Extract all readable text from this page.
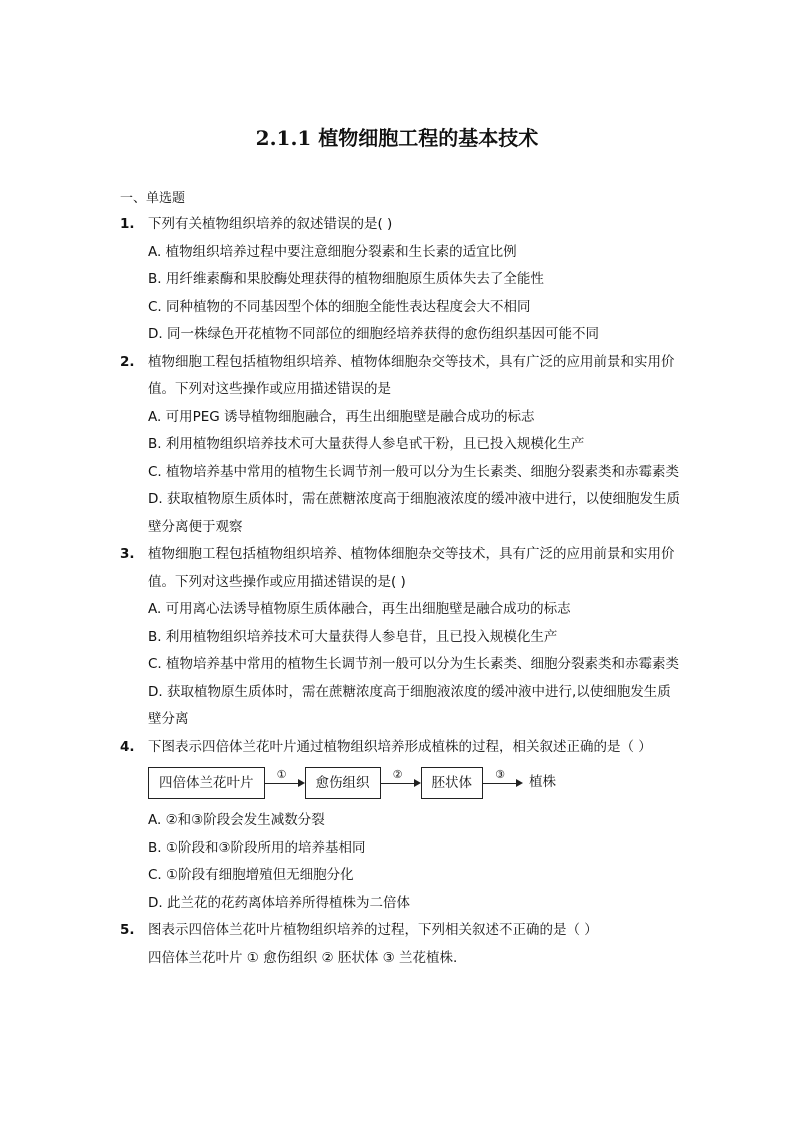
2.1.1 植物细胞工程的基本技术
一、单选题
1. 下列有关植物组织培养的叙述错误的是( )
A. 植物组织培养过程中要注意细胞分裂素和生长素的适宜比例
B. 用纤维素酶和果胶酶处理获得的植物细胞原生质体失去了全能性
C. 同种植物的不同基因型个体的细胞全能性表达程度会大不相同
D. 同一株绿色开花植物不同部位的细胞经培养获得的愈伤组织基因可能不同
2. 植物细胞工程包括植物组织培养、植物体细胞杂交等技术，具有广泛的应用前景和实用价值。下列对这些操作或应用描述错误的是
A. 可用PEG 诱导植物细胞融合，再生出细胞壁是融合成功的标志
B. 利用植物组织培养技术可大量获得人参皂甙干粉，且已投入规模化生产
C. 植物培养基中常用的植物生长调节剂一般可以分为生长素类、细胞分裂素类和赤霉素类
D. 获取植物原生质体时，需在蔗糖浓度高于细胞液浓度的缓冲液中进行，以使细胞发生质壁分离便于观察
3. 植物细胞工程包括植物组织培养、植物体细胞杂交等技术，具有广泛的应用前景和实用价值。下列对这些操作或应用描述错误的是( )
A. 可用离心法诱导植物原生质体融合，再生出细胞壁是融合成功的标志
B. 利用植物组织培养技术可大量获得人参皂苷，且已投入规模化生产
C. 植物培养基中常用的植物生长调节剂一般可以分为生长素类、细胞分裂素类和赤霉素类
D. 获取植物原生质体时，需在蔗糖浓度高于细胞液浓度的缓冲液中进行,以使细胞发生质壁分离
4. 下图表示四倍体兰花叶片通过植物组织培养形成植株的过程，相关叙述正确的是（ ）
四倍体兰花叶片
①
愈伤组织
②
胚状体
③	植株
A. ②和③阶段会发生减数分裂
B. ①阶段和③阶段所用的培养基相同
C. ①阶段有细胞增殖但无细胞分化
D. 此兰花的花药离体培养所得植株为二倍体
5. 图表示四倍体兰花叶片植物组织培养的过程，下列相关叙述不正确的是（ ）
四倍体兰花叶片 ① 愈伤组织 ② 胚状体 ③ 兰花植株.
